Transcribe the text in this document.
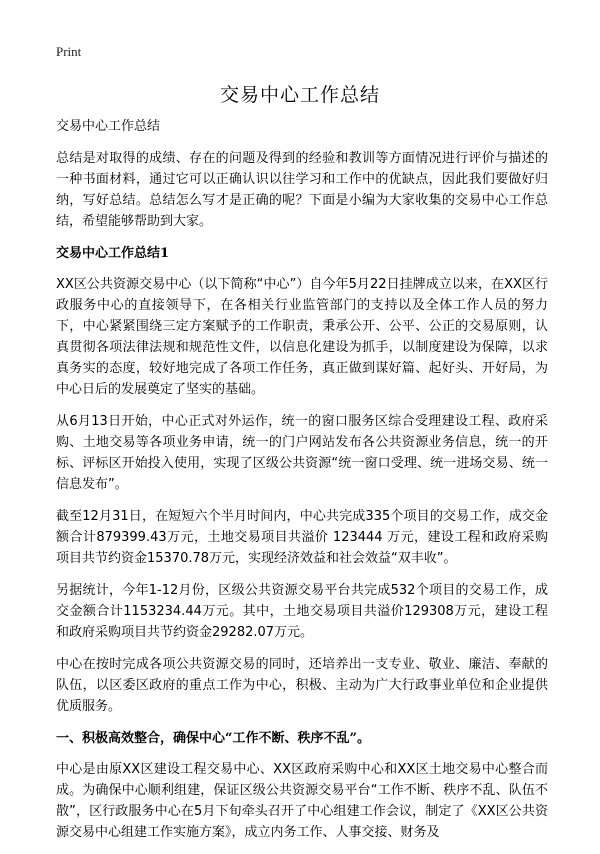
Print
交易中心工作总结

交易中心工作总结

总结是对取得的成绩、存在的问题及得到的经验和教训等方面情况进行评价与描述的一种书面材料，通过它可以正确认识以往学习和工作中的优缺点，因此我们要做好归纳，写好总结。总结怎么写才是正确的呢？下面是小编为大家收集的交易中心工作总结，希望能够帮助到大家。

交易中心工作总结1

XX区公共资源交易中心（以下简称“中心”）自今年5月22日挂牌成立以来，在XX区行政服务中心的直接领导下，在各相关行业监管部门的支持以及全体工作人员的努力下，中心紧紧围绕三定方案赋予的工作职责，秉承公开、公平、公正的交易原则，认真贯彻各项法律法规和规范性文件，以信息化建设为抓手，以制度建设为保障，以求真务实的态度，较好地完成了各项工作任务，真正做到谋好篇、起好头、开好局，为中心日后的发展奠定了坚实的基础。

从6月13日开始，中心正式对外运作，统一的窗口服务区综合受理建设工程、政府采购、土地交易等各项业务申请，统一的门户网站发布各公共资源业务信息，统一的开标、评标区开始投入使用，实现了区级公共资源“统一窗口受理、统一进场交易、统一信息发布”。

截至12月31日，在短短六个半月时间内，中心共完成335个项目的交易工作，成交金额合计879399.43万元，土地交易项目共溢价 123444 万元，建设工程和政府采购项目共节约资金15370.78万元，实现经济效益和社会效益“双丰收”。

另据统计，今年1-12月份，区级公共资源交易平台共完成532个项目的交易工作，成交金额合计1153234.44万元。其中，土地交易项目共溢价129308万元，建设工程和政府采购项目共节约资金29282.07万元。

中心在按时完成各项公共资源交易的同时，还培养出一支专业、敬业、廉洁、奉献的队伍，以区委区政府的重点工作为中心，积极、主动为广大行政事业单位和企业提供优质服务。

一、积极高效整合，确保中心“工作不断、秩序不乱”。

中心是由原XX区建设工程交易中心、XX区政府采购中心和XX区土地交易中心整合而成。为确保中心顺利组建，保证区级公共资源交易平台“工作不断、秩序不乱、队伍不散”，区行政服务中心在5月下旬牵头召开了中心组建工作会议，制定了《XX区公共资源交易中心组建工作实施方案》，成立内务工作、人事交接、财务及
